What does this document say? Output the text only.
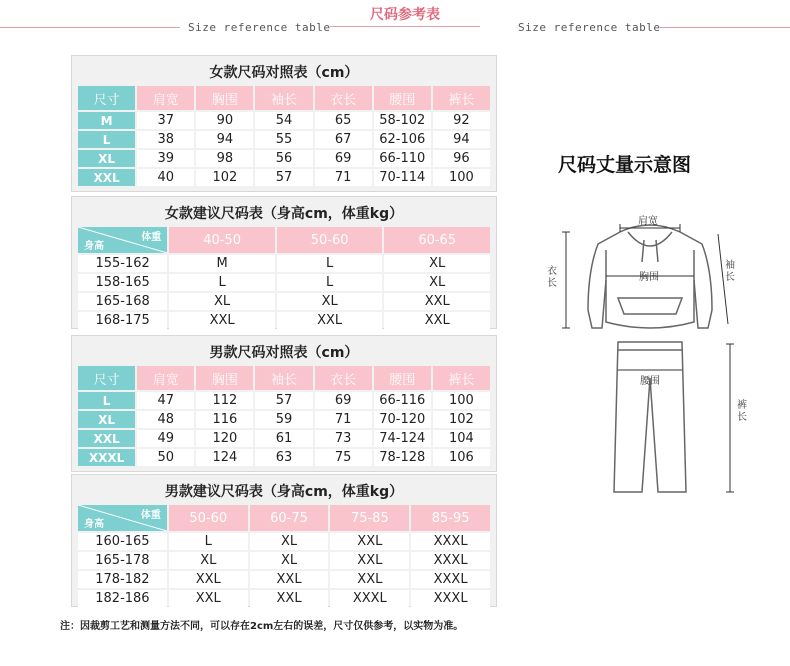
Size reference table
尺码参考表
Size reference table
女款尺码对照表（cm）
尺寸	肩宽	胸围	袖长	衣长	腰围	裤长
M	37	90	54	65	58-102	92
L	38	94	55	67	62-106	94
XL	39	98	56	69	66-110	96
XXL	40	102	57	71	70-114	100
女款建议尺码表（身高cm，体重kg）
体重
身高	40-50	50-60	60-65
155-162	M	L	XL
158-165	L	L	XL
165-168	XL	XL	XXL
168-175	XXL	XXL	XXL
男款尺码对照表（cm）
尺寸	肩宽	胸围	袖长	衣长	腰围	裤长
L	47	112	57	69	66-116	100
XL	48	116	59	71	70-120	102
XXL	49	120	61	73	74-124	104
XXXL	50	124	63	75	78-128	106
男款建议尺码表（身高cm，体重kg）
体重
身高	50-60	60-75	75-85	85-95
160-165	L	XL	XXL	XXXL
165-178	XL	XL	XXL	XXXL
178-182	XXL	XXL	XXL	XXXL
182-186	XXL	XXL	XXXL	XXXL
尺码丈量示意图
肩宽
胸围
衣长
袖长
腰围
裤长
注：因裁剪工艺和测量方法不同，可以存在2cm左右的误差，尺寸仅供参考，以实物为准。
